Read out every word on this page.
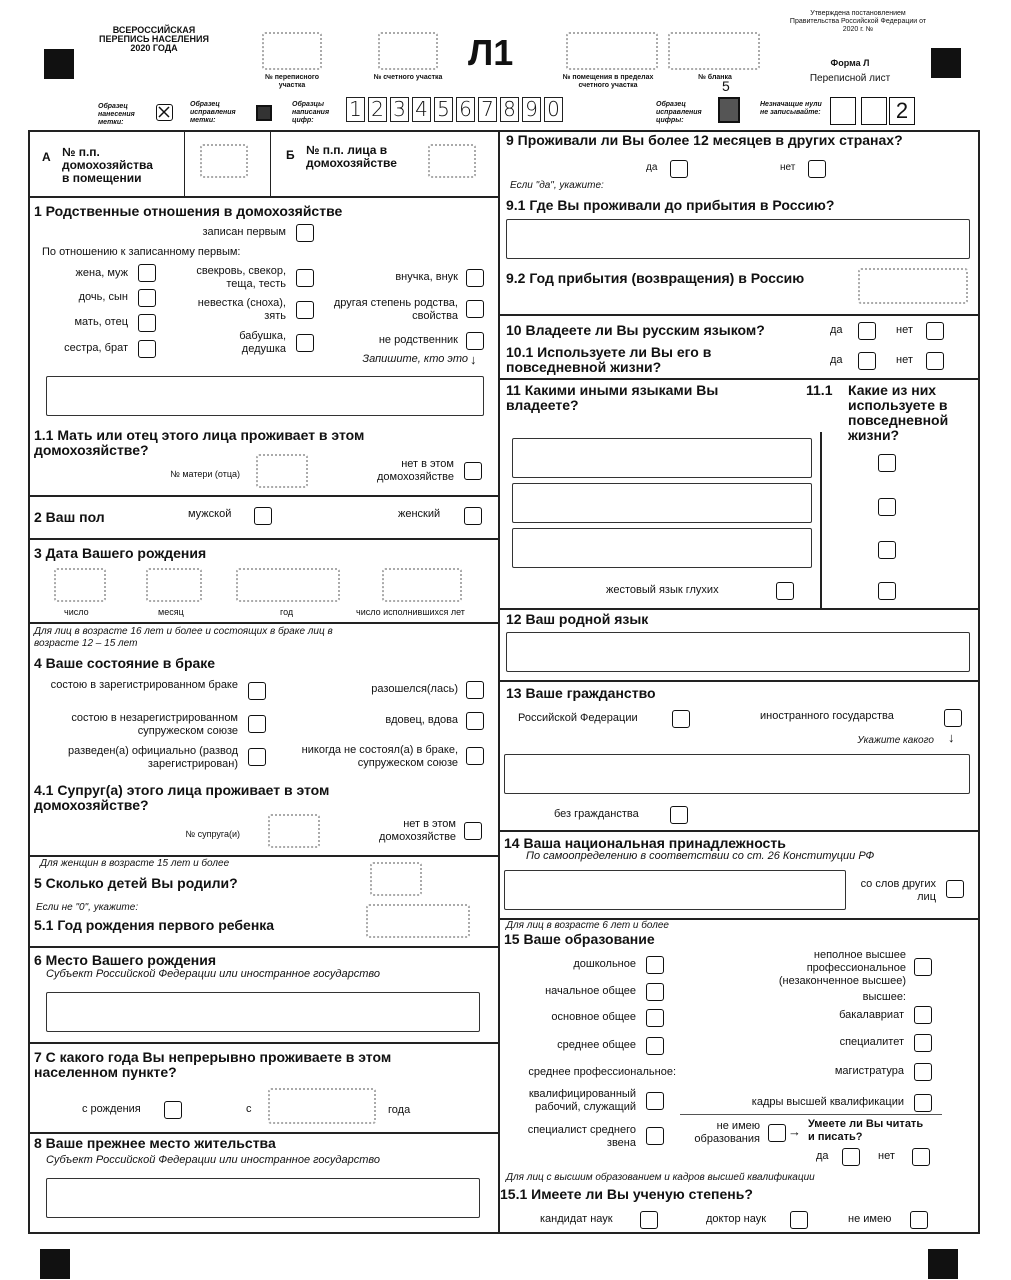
ВСЕРОССИЙСКАЯ ПЕРЕПИСЬ НАСЕЛЕНИЯ 2020 ГОДА	Л1
№ переписного участка
№ счетного участка	№ помещения в пределах счетного участка
№ бланка
Утверждена постановлением Правительства Российской Федерации от 2020 г. №
Форма Л
Переписной лист
Образец нанесения метки:
Образец исправления метки:
Образцы написания цифр:	1 2 3 4 5 6 7 8 9 0	Образец исправления цифры:
5
Незначащие нули не записывайте:	2
А № п.п. домохозяйства в помещении
Б № п.п. лица в домохозяйстве
1 Родственные отношения в домохозяйстве
записан первым
По отношению к записанному первым:
жена, муж
дочь, сын
мать, отец
сестра, брат
свекровь, свекор, теща, тесть
невестка (сноха), зять
бабушка, дедушка
внучка, внук
другая степень родства, свойства
не родственник
Запишите, кто это ↓
1.1 Мать или отец этого лица проживает в этом домохозяйстве?
№ матери (отца)
нет в этом домохозяйстве
2 Ваш пол	мужской	женский
3 Дата Вашего рождения
число	месяц	год	число исполнившихся лет
Для лиц в возрасте 16 лет и более и состоящих в браке лиц в возрасте 12 – 15 лет
4 Ваше состояние в браке
состою в зарегистрированном браке
состою в незарегистрированном супружеском союзе
разведен(а) официально (развод зарегистрирован)
разошелся(лась)
вдовец, вдова
никогда не состоял(а) в браке, супружеском союзе
4.1 Супруг(а) этого лица проживает в этом домохозяйстве?
№ супруга(и)
нет в этом домохозяйстве
Для женщин в возрасте 15 лет и более
5 Сколько детей Вы родили?
Если не "0", укажите:
5.1 Год рождения первого ребенка
6 Место Вашего рождения
Субъект Российской Федерации или иностранное государство
7 С какого года Вы непрерывно проживаете в этом населенном пункте?
с рождения	с	года
8 Ваше прежнее место жительства
Субъект Российской Федерации или иностранное государство
9 Проживали ли Вы более 12 месяцев в других странах?
да	нет
Если "да", укажите:
9.1 Где Вы проживали до прибытия в Россию?
9.2 Год прибытия (возвращения) в Россию
10 Владеете ли Вы русским языком?	да	нет
10.1 Используете ли Вы его в повседневной жизни?	да	нет
11 Какими иными языками Вы владеете?
11.1 Какие из них используете в повседневной жизни?
жестовый язык глухих
12 Ваш родной язык
13 Ваше гражданство
Российской Федерации	иностранного государства
Укажите какого ↓
без гражданства
14 Ваша национальная принадлежность
По самоопределению в соответствии со ст. 26 Конституции РФ
со слов других лиц
Для лиц в возрасте 6 лет и более
15 Ваше образование
дошкольное
начальное общее
основное общее
среднее общее
среднее профессиональное:
квалифицированный рабочий, служащий
специалист среднего звена
неполное высшее профессиональное (незаконченное высшее)
высшее:
бакалавриат
специалитет
магистратура
кадры высшей квалификации
не имею образования → Умеете ли Вы читать и писать?
да	нет
Для лиц с высшим образованием и кадров высшей квалификации
15.1 Имеете ли Вы ученую степень?
кандидат наук	доктор наук	не имею
